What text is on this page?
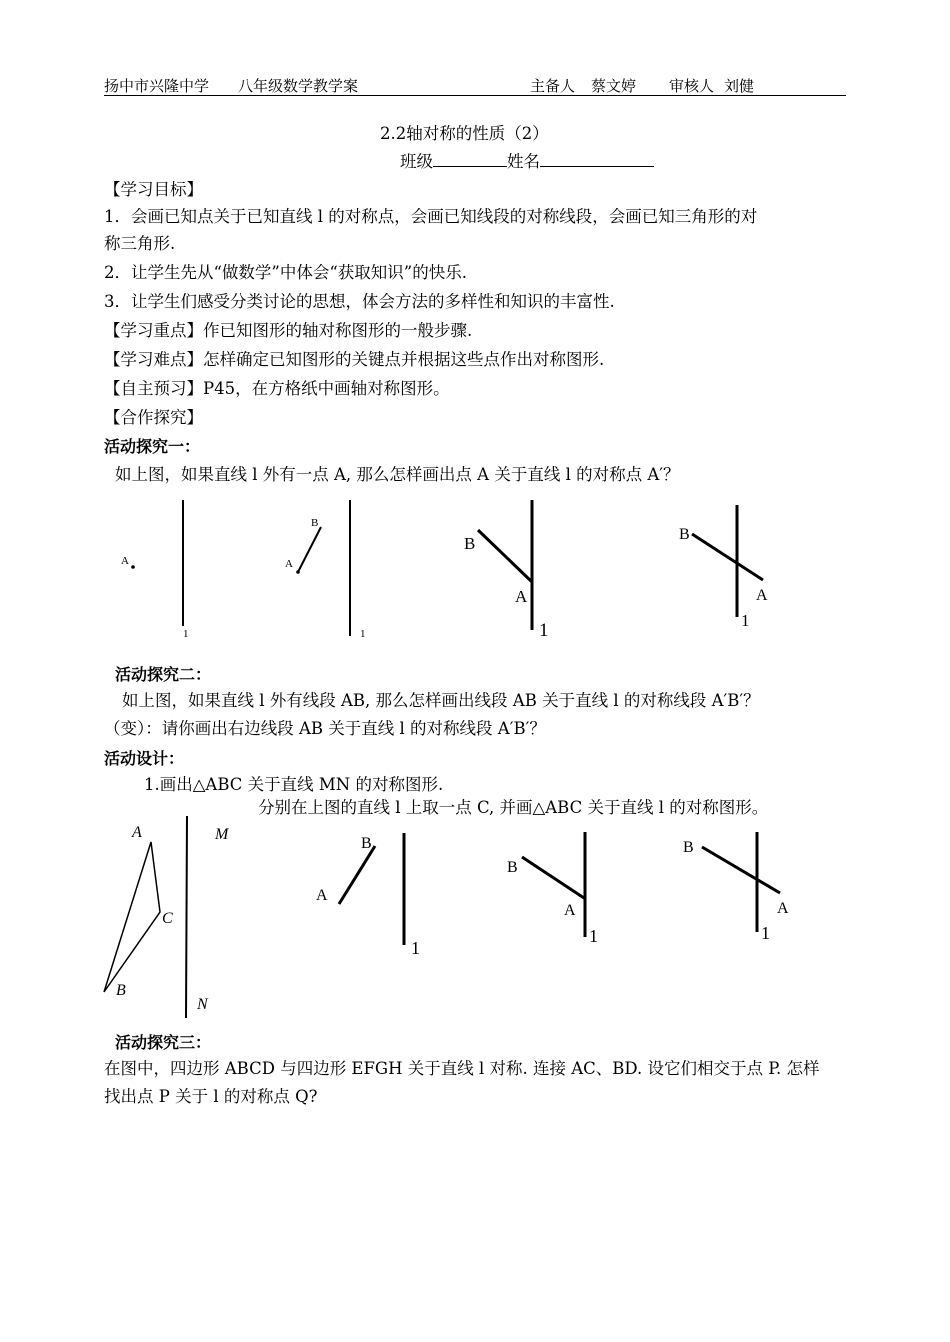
扬中市兴隆中学 八年级数学教学案	主备人 蔡文婷 审核人 刘健
2.2轴对称的性质（2）
班级	姓名
【学习目标】
1．会画已知点关于已知直线 l 的对称点，会画已知线段的对称线段，会画已知三角形的对
称三角形.
2．让学生先从“做数学”中体会“获取知识”的快乐.
3．让学生们感受分类讨论的思想，体会方法的多样性和知识的丰富性.
【学习重点】作已知图形的轴对称图形的一般步骤.
【学习难点】怎样确定已知图形的关键点并根据这些点作出对称图形.
【自主预习】P45，在方格纸中画轴对称图形。
【合作探究】
活动探究一：
如上图，如果直线 l 外有一点 A, 那么怎样画出点 A 关于直线 l 的对称点 A′？
A
1
A
B
1
B
A
1
B
A
1
活动探究二：
如上图，如果直线 l 外有线段 AB, 那么怎样画出线段 AB 关于直线 l 的对称线段 A′B′？
（变）：请你画出右边线段 AB 关于直线 l 的对称线段 A′B′？
活动设计：
1.画出△ABC 关于直线 MN 的对称图形.
分别在上图的直线 l 上取一点 C, 并画△ABC 关于直线 l 的对称图形。
A
C
B
M
N
A
B
1
B
A
1
B
A
1
活动探究三：
在图中，四边形 ABCD 与四边形 EFGH 关于直线 l 对称. 连接 AC、BD. 设它们相交于点 P. 怎样
找出点 P 关于 l 的对称点 Q?
